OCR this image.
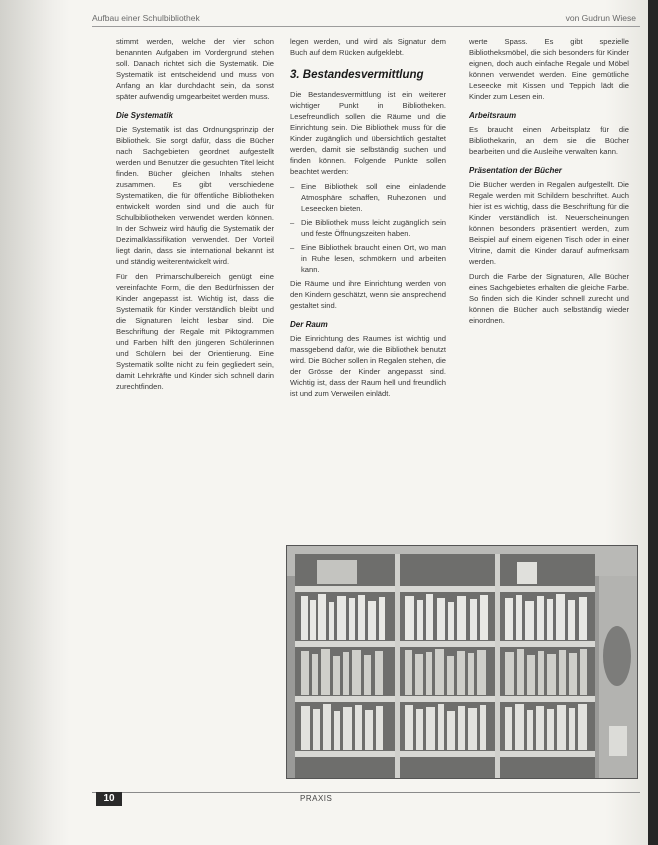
Aufbau einer Schulbibliothek	von Gudrun Wiese

stimmt werden, welche der vier schon benannten Aufgaben im Vordergrund stehen soll. Danach richtet sich die Systematik. Die Systematik ist entscheidend und muss von Anfang an klar durchdacht sein, da sonst später aufwendig umgearbeitet werden muss.

Die Systematik

Die Systematik ist das Ordnungsprinzip der Bibliothek. Sie sorgt dafür, dass die Bücher nach Sachgebieten geordnet aufgestellt werden und Benutzer die gesuchten Titel leicht finden. Bücher gleichen Inhalts stehen zusammen. Es gibt verschiedene Systematiken, die für öffentliche Bibliotheken entwickelt worden sind und die auch für Schulbibliotheken verwendet werden können. In der Schweiz wird häufig die Systematik der Dezimalklassifikation verwendet. Der Vorteil liegt darin, dass sie international bekannt ist und ständig weiterentwickelt wird.

Für den Primarschulbereich genügt eine vereinfachte Form, die den Bedürfnissen der Kinder angepasst ist. Wichtig ist, dass die Systematik für Kinder verständlich bleibt und die Signaturen leicht lesbar sind. Die Beschriftung der Regale mit Piktogrammen und Farben hilft den jüngeren Schülerinnen und Schülern bei der Orientierung. Eine Systematik sollte nicht zu fein gegliedert sein, damit Lehrkräfte und Kinder sich schnell darin zurechtfinden.

legen werden, und wird als Signatur dem Buch auf dem Rücken aufgeklebt.

3. Bestandesvermittlung

Die Bestandesvermittlung ist ein weiterer wichtiger Punkt in Bibliotheken. Lesefreundlich sollen die Räume und die Einrichtung sein. Die Bibliothek muss für die Kinder zugänglich und übersichtlich gestaltet werden, damit sie selbständig suchen und finden können. Folgende Punkte sollen beachtet werden:

– Eine Bibliothek soll eine einladende Atmosphäre schaffen, Ruhezonen und Leseecken bieten.
– Die Bibliothek muss leicht zugänglich sein und feste Öffnungszeiten haben.
– Eine Bibliothek braucht einen Ort, wo man in Ruhe lesen, schmökern und arbeiten kann.

Die Räume und ihre Einrichtung werden von den Kindern geschätzt, wenn sie ansprechend gestaltet sind.

Der Raum

Die Einrichtung des Raumes ist wichtig und massgebend dafür, wie die Bibliothek benutzt wird. Die Bücher sollen in Regalen stehen, die der Grösse der Kinder angepasst sind. Wichtig ist, dass der Raum hell und freundlich ist und zum Verweilen einlädt.

werte Spass. Es gibt spezielle Bibliotheksmöbel, die sich besonders für Kinder eignen, doch auch einfache Regale und Möbel können verwendet werden. Eine gemütliche Leseecke mit Kissen und Teppich lädt die Kinder zum Lesen ein.

Arbeitsraum

Es braucht einen Arbeitsplatz für die Bibliothekarin, an dem sie die Bücher bearbeiten und die Ausleihe verwalten kann.

Präsentation der Bücher

Die Bücher werden in Regalen aufgestellt. Die Regale werden mit Schildern beschriftet. Auch hier ist es wichtig, dass die Beschriftung für die Kinder verständlich ist. Neuerscheinungen können besonders präsentiert werden, zum Beispiel auf einem eigenen Tisch oder in einer Vitrine, damit die Kinder darauf aufmerksam werden.

Durch die Farbe der Signaturen, Alle Bücher eines Sachgebietes erhalten die gleiche Farbe. So finden sich die Kinder schnell zurecht und können die Bücher auch selbständig wieder einordnen.

10	PRAXIS
